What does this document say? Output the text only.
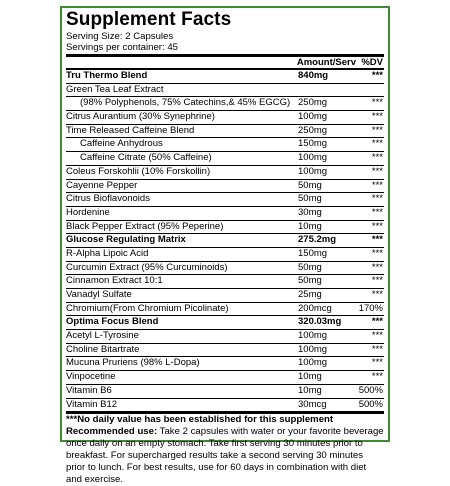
Supplement Facts
Serving Size: 2 Capsules
Servings per container: 45
Amount/Serv %DV
Tru Thermo Blend	840mg	***
Green Tea Leaf Extract
(98% Polyphenols, 75% Catechins,& 45% EGCG) 250mg	***
Citrus Aurantium (30% Synephrine)	100mg	***
Time Released Caffeine Blend	250mg	***
Caffeine Anhydrous	150mg	***
Caffeine Citrate (50% Caffeine)	100mg	***
Coleus Forskohlii (10% Forskollin)	100mg	***
Cayenne Pepper	50mg	***
Citrus Bioflavonoids	50mg	***
Hordenine	30mg	***
Black Pepper Extract (95% Peperine)	10mg	***
Glucose Regulating Matrix	275.2mg	***
R-Alpha Lipoic Acid	150mg	***
Curcumin Extract (95% Curcuminoids)	50mg	***
Cinnamon Extract 10:1	50mg	***
Vanadyl Sulfate	25mg	***
Chromium(From Chromium Picolinate)	200mcg	170%
Optima Focus Blend	320.03mg	***
Acetyl L-Tyrosine	100mg	***
Choline Bitartrate	100mg	***
Mucuna Pruriens (98% L-Dopa)	100mg	***
Vinpocetine	10mg	***
Vitamin B6	10mg	500%
Vitamin B12	30mcg	500%
***No daily value has been established for this supplement
Recommended use: Take 2 capsules with water or your favorite beverage once daily on an empty stomach. Take first serving 30 minutes prior to breakfast. For supercharged results take a second serving 30 minutes prior to lunch. For best results, use for 60 days in combination with diet and exercise.
